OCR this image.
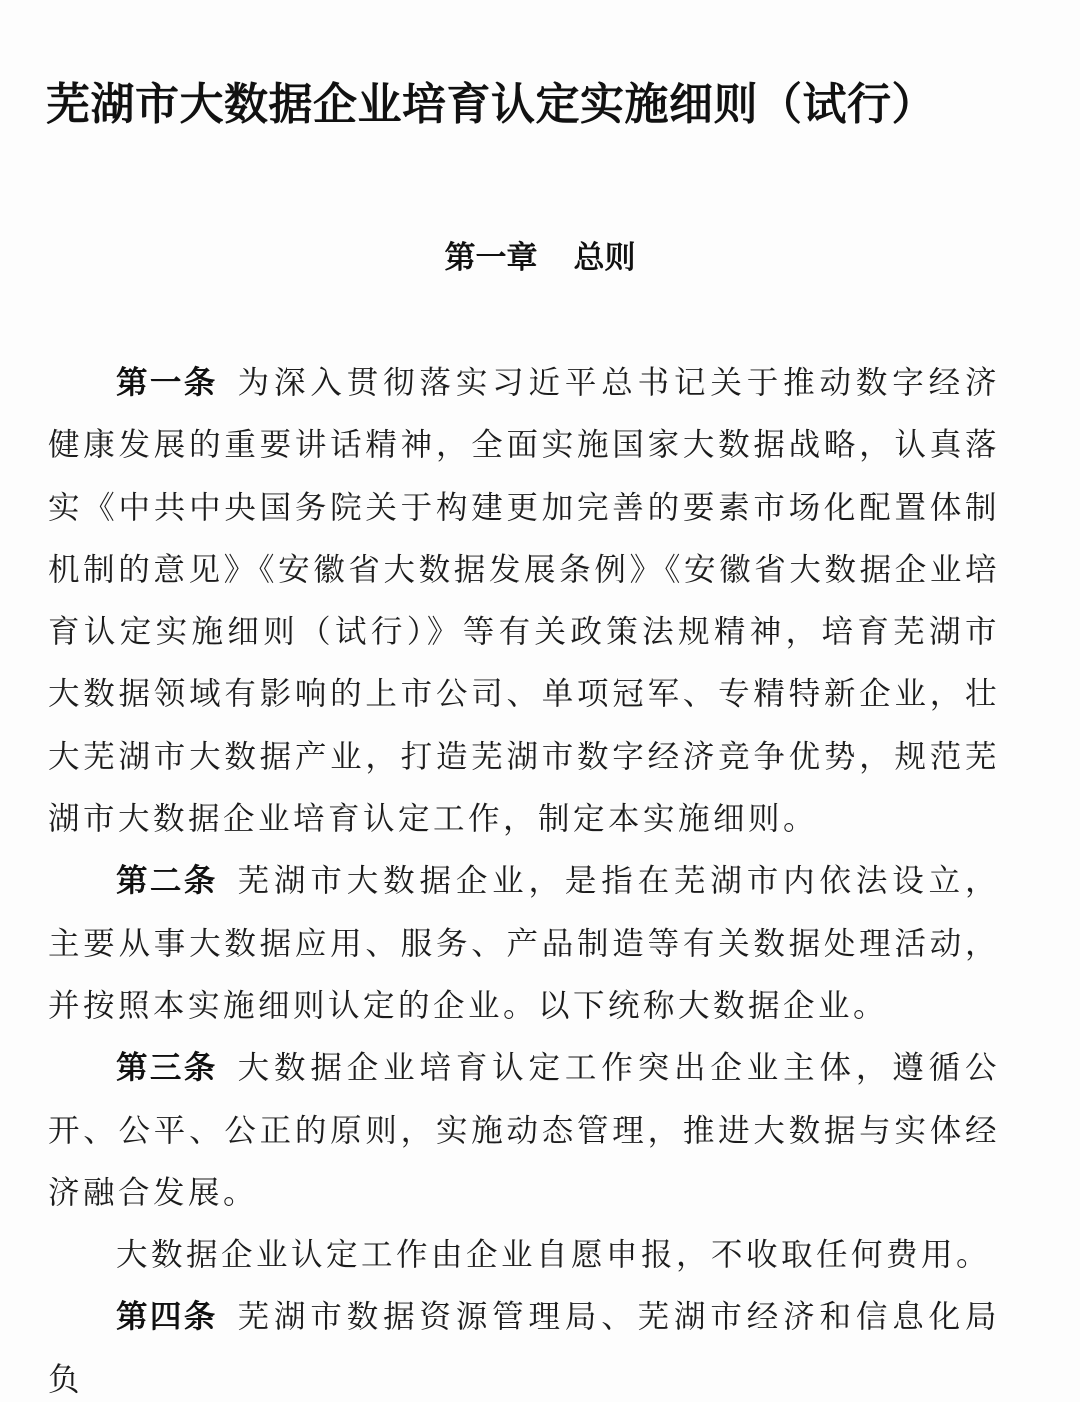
芜湖市大数据企业培育认定实施细则（试行）
第一章 总则

第一条 为深入贯彻落实习近平总书记关于推动数字经济健康发展的重要讲话精神，全面实施国家大数据战略，认真落实《中共中央国务院关于构建更加完善的要素市场化配置体制机制的意见》《安徽省大数据发展条例》《安徽省大数据企业培育认定实施细则（试行）》等有关政策法规精神，培育芜湖市大数据领域有影响的上市公司、单项冠军、专精特新企业，壮大芜湖市大数据产业，打造芜湖市数字经济竞争优势，规范芜湖市大数据企业培育认定工作，制定本实施细则。

第二条 芜湖市大数据企业，是指在芜湖市内依法设立，主要从事大数据应用、服务、产品制造等有关数据处理活动，并按照本实施细则认定的企业。以下统称大数据企业。

第三条 大数据企业培育认定工作突出企业主体，遵循公开、公平、公正的原则，实施动态管理，推进大数据与实体经济融合发展。

大数据企业认定工作由企业自愿申报，不收取任何费用。

第四条 芜湖市数据资源管理局、芜湖市经济和信息化局负
